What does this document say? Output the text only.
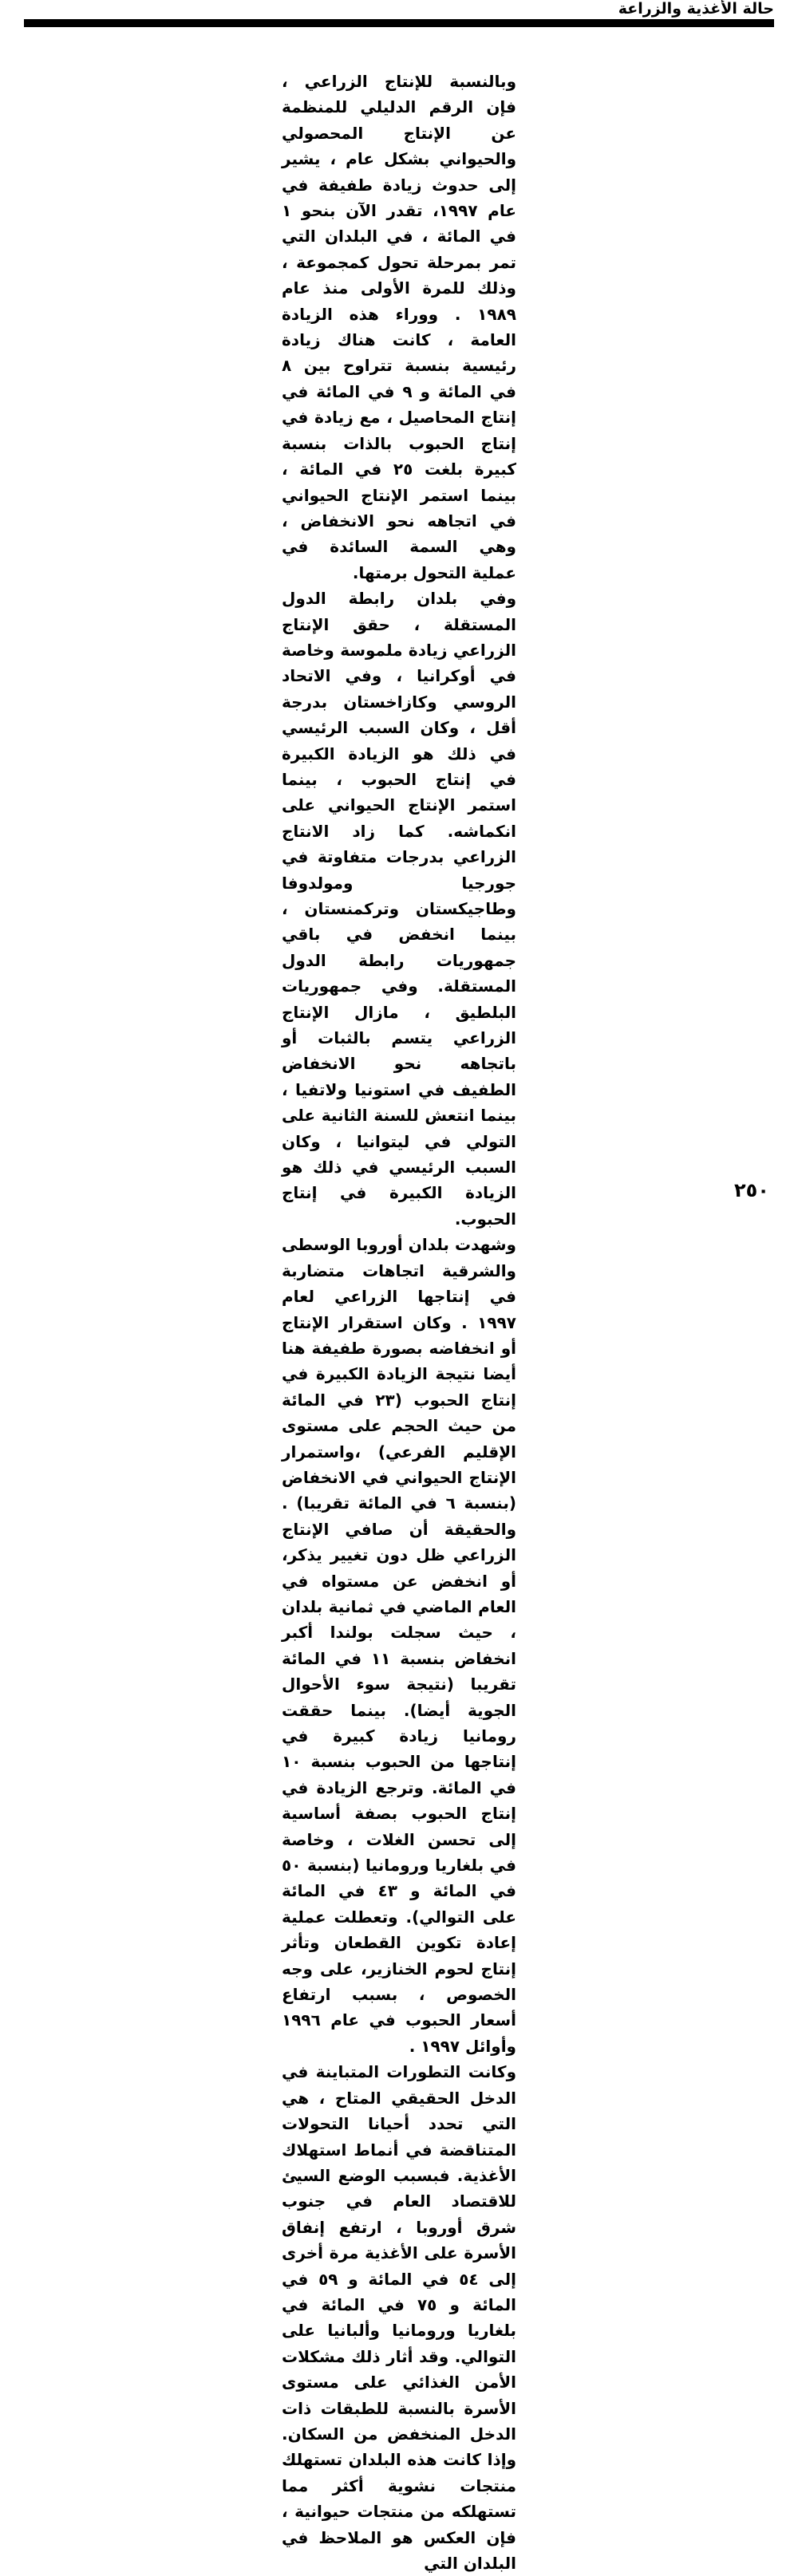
حالة الأغذية والزراعة

وبالنسبة للإنتاج الزراعي ، فإن الرقم الدليلي للمنظمة عن الإنتاج المحصولي والحيواني بشكل عام ، يشير إلى حدوث زيادة طفيفة في عام ١٩٩٧، تقدر الآن بنحو ١ في المائة ، في البلدان التي تمر بمرحلة تحول كمجموعة ، وذلك للمرة الأولى منذ عام ١٩٨٩ . ووراء هذه الزيادة العامة ، كانت هناك زيادة رئيسية بنسبة تتراوح بين ٨ في المائة و ٩ في المائة في إنتاج المحاصيل ، مع زيادة في إنتاج الحبوب بالذات بنسبة كبيرة بلغت ٢٥ في المائة ، بينما استمر الإنتاج الحيواني في اتجاهه نحو الانخفاض ، وهي السمة السائدة في عملية التحول برمتها.

وفي بلدان رابطة الدول المستقلة ، حقق الإنتاج الزراعي زيادة ملموسة وخاصة في أوكرانيا ، وفي الاتحاد الروسي وكازاخستان بدرجة أقل ، وكان السبب الرئيسي في ذلك هو الزيادة الكبيرة في إنتاج الحبوب ، بينما استمر الإنتاج الحيواني على انكماشه. كما زاد الانتاج الزراعي بدرجات متفاوتة في جورجيا ومولدوفا وطاجيكستان وتركمنستان ، بينما انخفض في باقي جمهوريات رابطة الدول المستقلة. وفي جمهوريات البلطيق ، مازال الإنتاج الزراعي يتسم بالثبات أو باتجاهه نحو الانخفاض الطفيف في استونيا ولاتفيا ، بينما انتعش للسنة الثانية على التولي في ليتوانيا ، وكان السبب الرئيسي في ذلك هو الزيادة الكبيرة في إنتاج الحبوب.

وشهدت بلدان أوروبا الوسطى والشرقية اتجاهات متضاربة في إنتاجها الزراعي لعام ١٩٩٧ . وكان استقرار الإنتاج أو انخفاضه بصورة طفيفة هنا أيضا نتيجة الزيادة الكبيرة في إنتاج الحبوب (٢٣ في المائة من حيث الحجم على مستوى الإقليم الفرعي) ،واستمرار الإنتاج الحيواني في الانخفاض (بنسبة ٦ في المائة تقريبا) . والحقيقة أن صافي الإنتاج الزراعي ظل دون تغيير يذكر، أو انخفض عن مستواه في العام الماضي في ثمانية بلدان ، حيث سجلت بولندا أكبر انخفاض بنسبة ١١ في المائة تقريبا (نتيجة سوء الأحوال الجوية أيضا). بينما حققت رومانيا زيادة كبيرة في إنتاجها من الحبوب بنسبة ١٠ في المائة. وترجع الزيادة في إنتاج الحبوب بصفة أساسية إلى تحسن الغلات ، وخاصة في بلغاريا ورومانيا (بنسبة ٥٠ في المائة و ٤٣ في المائة على التوالي). وتعطلت عملية إعادة تكوين القطعان وتأثر إنتاج لحوم الخنازير، على وجه الخصوص ، بسبب ارتفاع أسعار الحبوب في عام ١٩٩٦ وأوائل ١٩٩٧ .

وكانت التطورات المتباينة في الدخل الحقيقي المتاح ، هي التي تحدد أحيانا التحولات المتناقضة في أنماط استهلاك الأغذية. فبسبب الوضع السيئ للاقتصاد العام في جنوب شرق أوروبا ، ارتفع إنفاق الأسرة على الأغذية مرة أخرى إلى ٥٤ في المائة و ٥٩ في المائة و ٧٥ في المائة في بلغاريا ورومانيا وألبانيا على التوالي. وقد أثار ذلك مشكلات الأمن الغذائي على مستوى الأسرة بالنسبة للطبقات ذات الدخل المنخفض من السكان. وإذا كانت هذه البلدان تستهلك منتجات نشوية أكثر مما تستهلكه من منتجات حيوانية ، فإن العكس هو الملاحظ في البلدان التي

٢٥٠
